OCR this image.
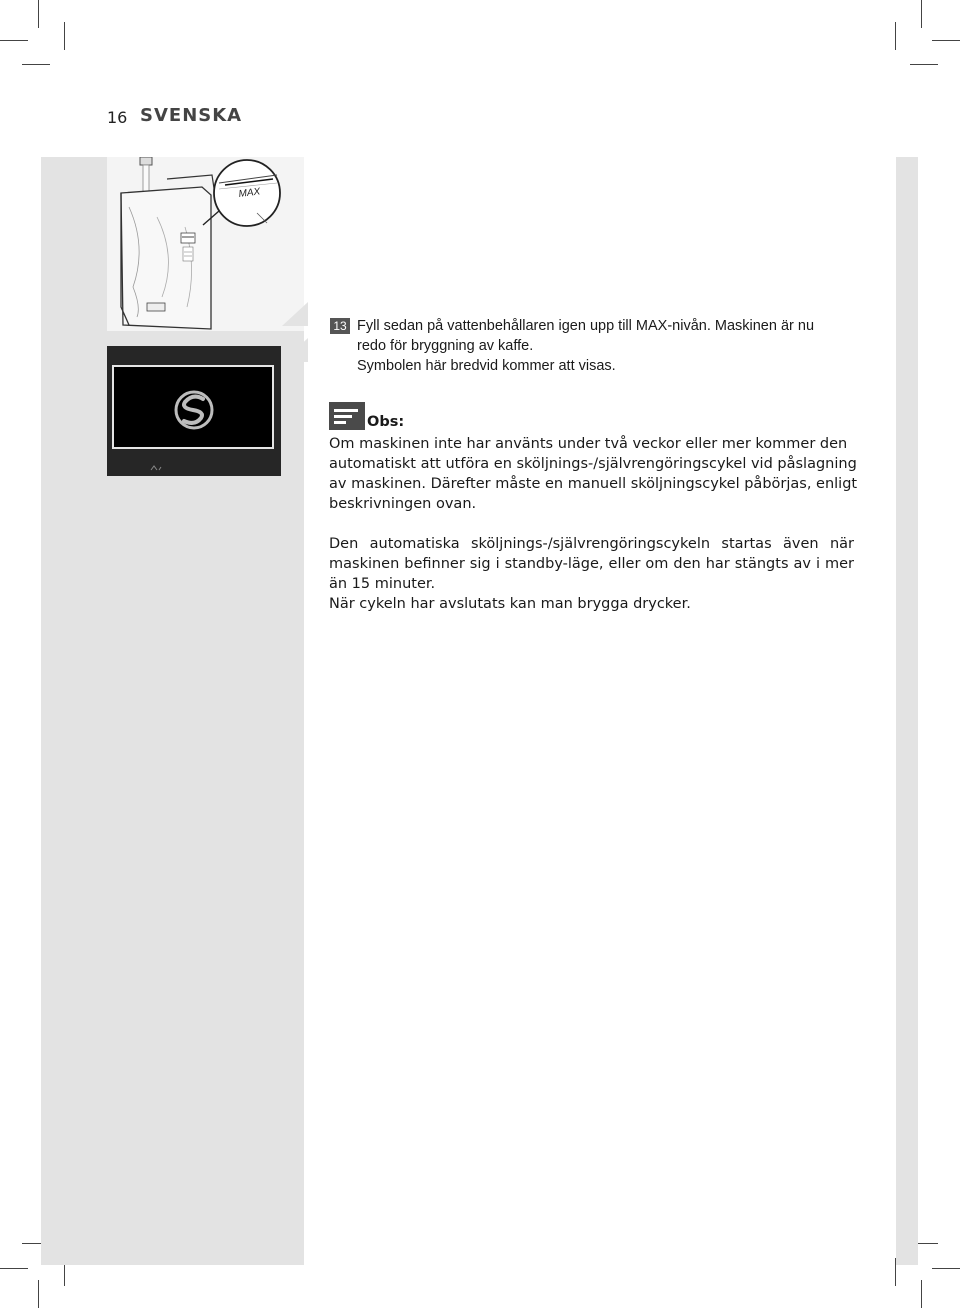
16 SVENSKA
MAX
13 Fyll sedan på vattenbehållaren igen upp till MAX-nivån. Maskinen är nu
redo för bryggning av kaffe.
Symbolen här bredvid kommer att visas.
Obs:
Om maskinen inte har använts under två veckor eller mer kommer den automatiskt att utföra en sköljnings-/självrengöringscykel vid påslagning av maskinen. Därefter måste en manuell sköljningscykel påbörjas, enligt beskrivningen ovan.
Den automatiska sköljnings-/självrengöringscykeln startas även när maskinen befinner sig i standby-läge, eller om den har stängts av i mer än 15 minuter.
När cykeln har avslutats kan man brygga drycker.
